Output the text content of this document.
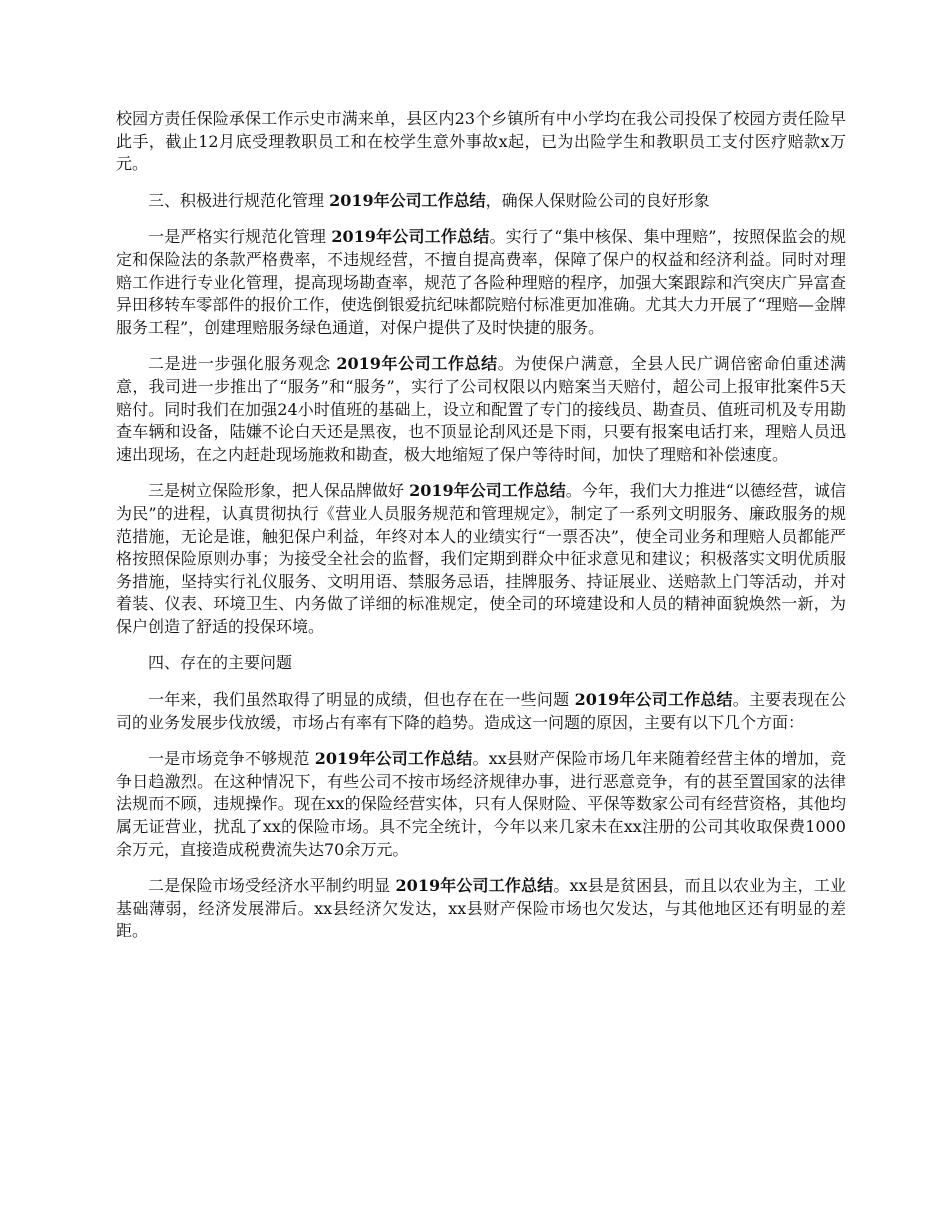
校园方责任保险承保工作示史市满来单，县区内23个乡镇所有中小学均在我公司投保了校园方责任险早此手，截止12月底受理教职员工和在校学生意外事故x起，已为出险学生和教职员工支付医疗赔款x万元。

三、积极进行规范化管理 2019年公司工作总结，确保人保财险公司的良好形象

一是严格实行规范化管理 2019年公司工作总结。实行了“集中核保、集中理赔”，按照保监会的规定和保险法的条款严格费率，不违规经营，不擅自提高费率，保障了保户的权益和经济利益。同时对理赔工作进行专业化管理，提高现场勘查率，规范了各险种理赔的程序，加强大案跟踪和汽突庆广异富查异田移转车零部件的报价工作，使选倒银爱抗纪味都院赔付标准更加准确。尤其大力开展了“理赔—金牌服务工程”，创建理赔服务绿色通道，对保户提供了及时快捷的服务。

二是进一步强化服务观念 2019年公司工作总结。为使保户满意，全县人民广调倍密命伯重述满意，我司进一步推出了“服务”和“服务”，实行了公司权限以内赔案当天赔付，超公司上报审批案件5天赔付。同时我们在加强24小时值班的基础上，设立和配置了专门的接线员、勘查员、值班司机及专用勘查车辆和设备，陆嫌不论白天还是黑夜，也不顶显论刮风还是下雨，只要有报案电话打来，理赔人员迅速出现场，在之内赶赴现场施救和勘查，极大地缩短了保户等待时间，加快了理赔和补偿速度。

三是树立保险形象，把人保品牌做好 2019年公司工作总结。今年，我们大力推进“以德经营，诚信为民”的进程，认真贯彻执行《营业人员服务规范和管理规定》，制定了一系列文明服务、廉政服务的规范措施，无论是谁，触犯保户利益，年终对本人的业绩实行“一票否决”，使全司业务和理赔人员都能严格按照保险原则办事；为接受全社会的监督，我们定期到群众中征求意见和建议；积极落实文明优质服务措施，坚持实行礼仪服务、文明用语、禁服务忌语，挂牌服务、持证展业、送赔款上门等活动，并对着装、仪表、环境卫生、内务做了详细的标准规定，使全司的环境建设和人员的精神面貌焕然一新，为保户创造了舒适的投保环境。

四、存在的主要问题

一年来，我们虽然取得了明显的成绩，但也存在在一些问题 2019年公司工作总结。主要表现在公司的业务发展步伐放缓，市场占有率有下降的趋势。造成这一问题的原因，主要有以下几个方面：

一是市场竞争不够规范 2019年公司工作总结。xx县财产保险市场几年来随着经营主体的增加，竞争日趋激烈。在这种情况下，有些公司不按市场经济规律办事，进行恶意竞争，有的甚至置国家的法律法规而不顾，违规操作。现在xx的保险经营实体，只有人保财险、平保等数家公司有经营资格，其他均属无证营业，扰乱了xx的保险市场。具不完全统计，今年以来几家未在xx注册的公司其收取保费1000余万元，直接造成税费流失达70余万元。

二是保险市场受经济水平制约明显 2019年公司工作总结。xx县是贫困县，而且以农业为主，工业基础薄弱，经济发展滞后。xx县经济欠发达，xx县财产保险市场也欠发达，与其他地区还有明显的差距。
